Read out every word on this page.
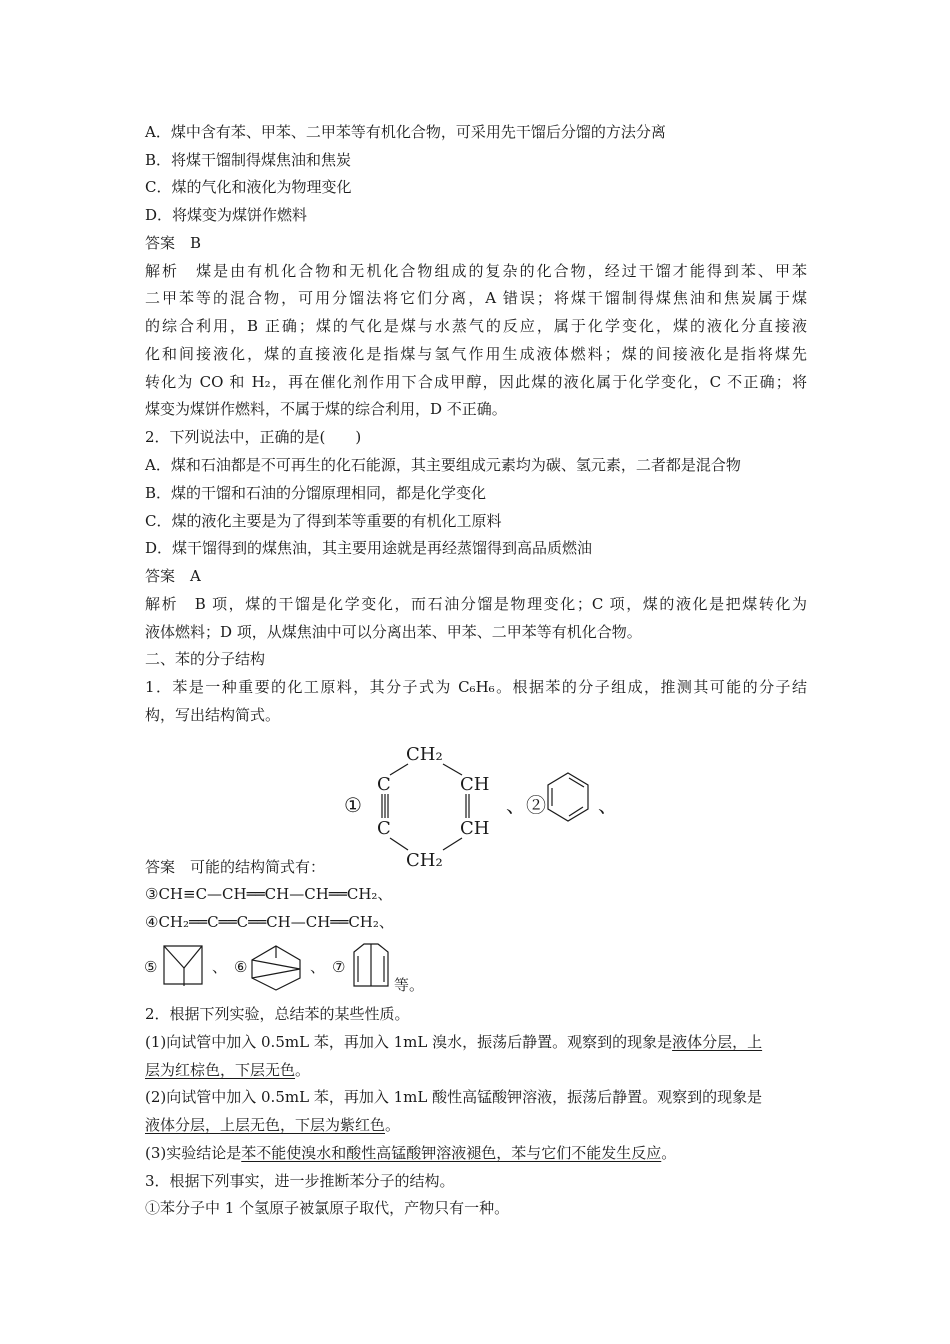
A．煤中含有苯、甲苯、二甲苯等有机化合物，可采用先干馏后分馏的方法分离
B．将煤干馏制得煤焦油和焦炭
C．煤的气化和液化为物理变化
D．将煤变为煤饼作燃料
答案　B
解析　煤是由有机化合物和无机化合物组成的复杂的化合物，经过干馏才能得到苯、甲苯
二甲苯等的混合物，可用分馏法将它们分离，A 错误；将煤干馏制得煤焦油和焦炭属于煤
的综合利用，B 正确；煤的气化是煤与水蒸气的反应，属于化学变化，煤的液化分直接液
化和间接液化，煤的直接液化是指煤与氢气作用生成液体燃料；煤的间接液化是指将煤先
转化为 CO 和 H₂，再在催化剂作用下合成甲醇，因此煤的液化属于化学变化，C 不正确；将
煤变为煤饼作燃料，不属于煤的综合利用，D 不正确。
2．下列说法中，正确的是(　　)
A．煤和石油都是不可再生的化石能源，其主要组成元素均为碳、氢元素，二者都是混合物
B．煤的干馏和石油的分馏原理相同，都是化学变化
C．煤的液化主要是为了得到苯等重要的有机化工原料
D．煤干馏得到的煤焦油，其主要用途就是再经蒸馏得到高品质燃油
答案　A
解析　B 项，煤的干馏是化学变化，而石油分馏是物理变化；C 项，煤的液化是把煤转化为
液体燃料；D 项，从煤焦油中可以分离出苯、甲苯、二甲苯等有机化合物。
二、苯的分子结构
1．苯是一种重要的化工原料，其分子式为 C₆H₆。根据苯的分子组成，推测其可能的分子结
构，写出结构简式。
①
CH₂
C
C
CH
CH
CH₂
、②	、
答案　可能的结构简式有：
③CH≡C—CH══CH—CH══CH₂、
④CH₂══C══C══CH—CH══CH₂、
⑤	、 ⑥	、 ⑦
等。
2．根据下列实验，总结苯的某些性质。
(1)向试管中加入 0.5mL 苯，再加入 1mL 溴水，振荡后静置。观察到的现象是液体分层，上
层为红棕色，下层无色。
(2)向试管中加入 0.5mL 苯，再加入 1mL 酸性高锰酸钾溶液，振荡后静置。观察到的现象是
液体分层，上层无色，下层为紫红色。
(3)实验结论是苯不能使溴水和酸性高锰酸钾溶液褪色，苯与它们不能发生反应。
3．根据下列事实，进一步推断苯分子的结构。
①苯分子中 1 个氢原子被氯原子取代，产物只有一种。
